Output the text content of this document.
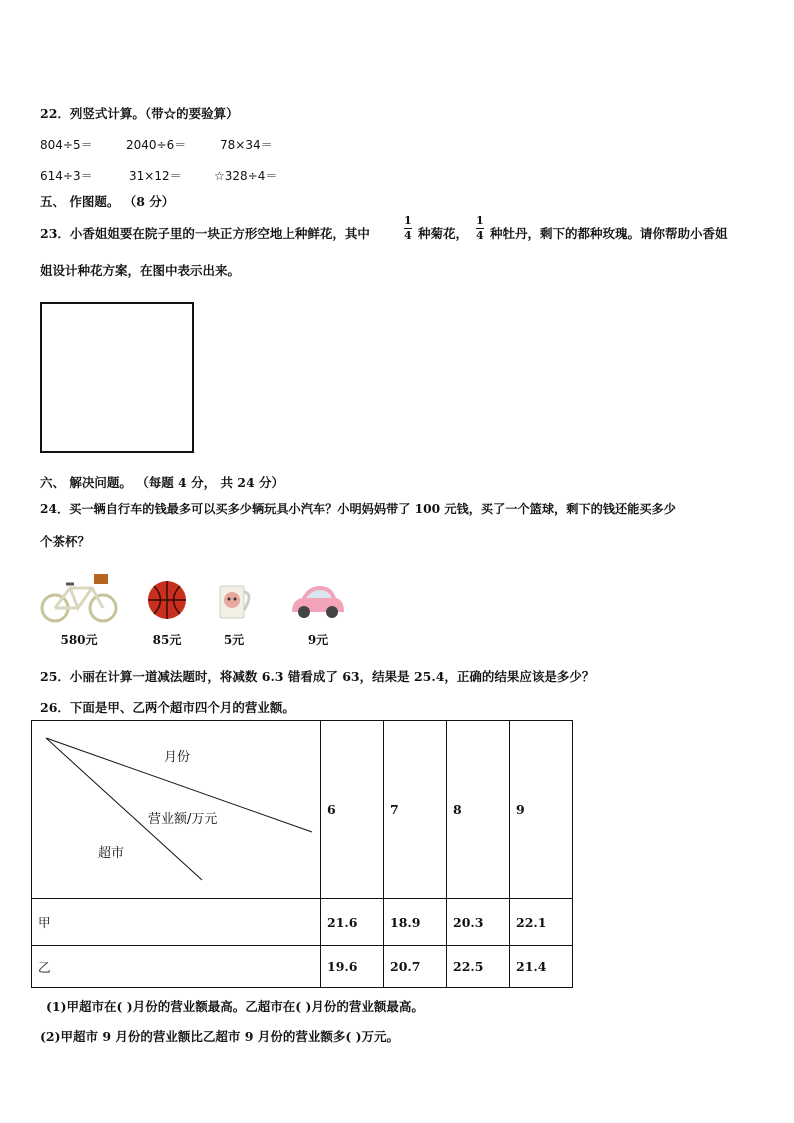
22．列竖式计算。（带☆的要验算）
804÷5＝	2040÷6＝	78×34＝
614÷3＝	31×12＝	☆328÷4＝
五、 作图题。 （8 分）
23．小香姐姐要在院子里的一块正方形空地上种鲜花，其中
1
4 种菊花，
1
4 种牡丹，剩下的都种玫瑰。请你帮助小香姐
姐设计种花方案，在图中表示出来。
六、 解决问题。 （每题 4 分， 共 24 分）
24．买一辆自行车的钱最多可以买多少辆玩具小汽车？小明妈妈带了 100 元钱，买了一个篮球，剩下的钱还能买多少
个茶杯？
580元	85元	5元	9元
25．小丽在计算一道减法题时，将减数 6.3 错看成了 63，结果是 25.4，正确的结果应该是多少？
26．下面是甲、乙两个超市四个月的营业额。
月份
营业额/万元
超市	6	7	8	9
甲	21.6	18.9	20.3	22.1
乙	19.6	20.7	22.5	21.4
(1)甲超市在( )月份的营业额最高。乙超市在( )月份的营业额最高。
(2)甲超市 9 月份的营业额比乙超市 9 月份的营业额多( )万元。
